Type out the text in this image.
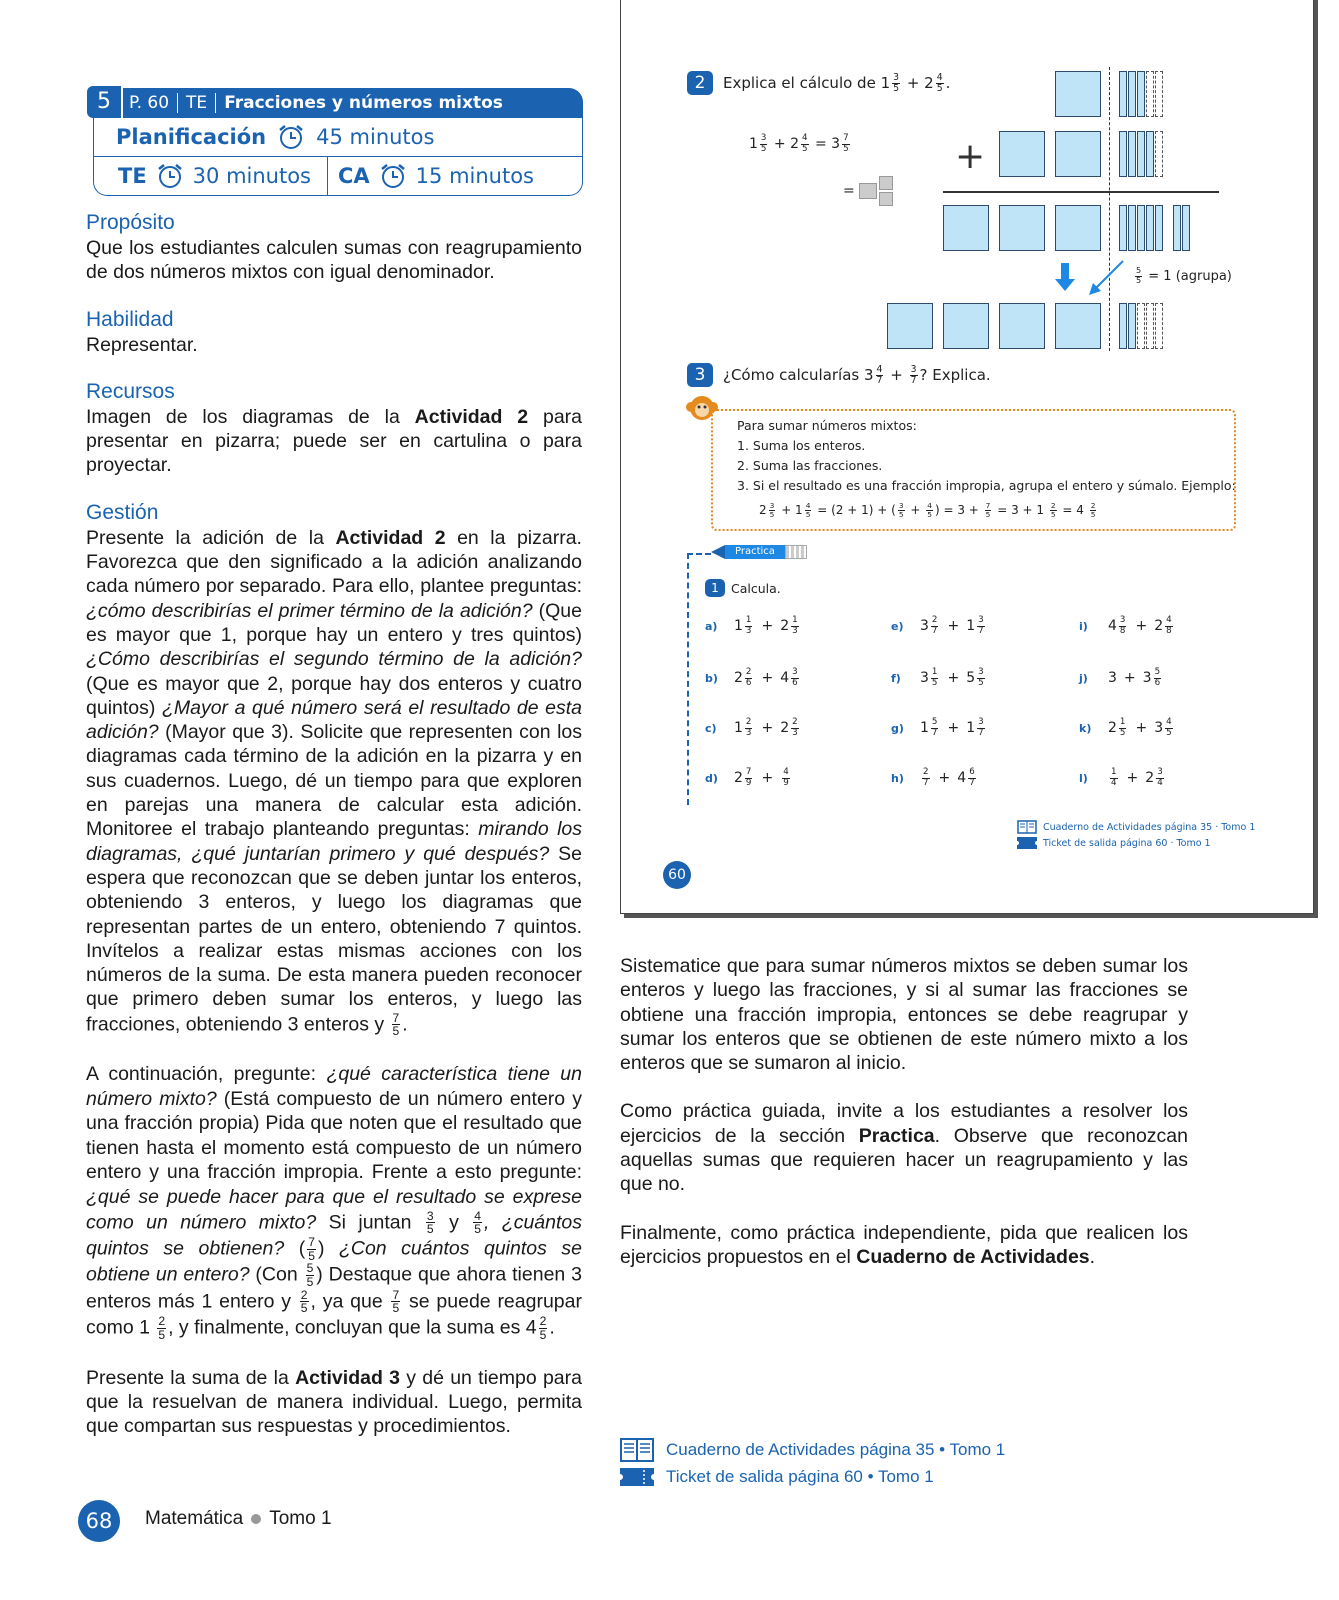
5	P. 60 TE Fracciones y números mixtos
Planificación 45 minutos
TE 30 minutos CA 15 minutos
Propósito

Que los estudiantes calculen sumas con reagrupamiento de dos números mixtos con igual denominador.

Habilidad

Representar.

Recursos

Imagen de los diagramas de la Actividad 2 para presentar en pizarra; puede ser en cartulina o para proyectar.

Gestión

Presente la adición de la Actividad 2 en la pizarra. Favorezca que den significado a la adición analizando cada número por separado. Para ello, plantee preguntas: ¿cómo describirías el primer término de la adición? (Que es mayor que 1, porque hay un entero y tres quintos) ¿Cómo describirías el segundo término de la adición? (Que es mayor que 2, porque hay dos enteros y cuatro quintos) ¿Mayor a qué número será el resultado de esta adición? (Mayor que 3). Solicite que representen con los diagramas cada término de la adición en la pizarra y en sus cuadernos. Luego, dé un tiempo para que exploren en parejas una manera de calcular esta adición. Monitoree el trabajo planteando preguntas: mirando los diagramas, ¿qué juntarían primero y qué después? Se espera que reconozcan que se deben juntar los enteros, obteniendo 3 enteros, y luego los diagramas que representan partes de un entero, obteniendo 7 quintos. Invítelos a realizar estas mismas acciones con los números de la suma. De esta manera pueden reconocer que primero deben sumar los enteros, y luego las fracciones, obteniendo 3 enteros y $\frac{7}{5}$ .

A continuación, pregunte: ¿qué característica tiene un número mixto? (Está compuesto de un número entero y una fracción propia) Pida que noten que el resultado que tienen hasta el momento está compuesto de un número entero y una fracción impropia. Frente a esto pregunte: ¿qué se puede hacer para que el resultado se exprese como un número mixto? Si juntan $\frac{3}{5}$ y $\frac{4}{5}$ , ¿cuántos quintos se obtienen? ( $\frac{7}{5}$ ) ¿Con cuántos quintos se obtiene un entero? ($Con \frac{5}{5}$ ) Destaque que ahora tienen 3 enteros más 1 entero y $\frac{2}{5}$ , ya que $\frac{7}{5}$ se puede reagrupar como $1 \frac{2}{5}$ , y finalmente, concluyan que la suma es $4 \frac{2}{5}$ .

Presente la suma de la Actividad 3 y dé un tiempo para que la resuelvan de manera individual. Luego, permita que compartan sus respuestas y procedimientos.

2	Explica el cálculo de $1 \frac{3}{5} + 2 \frac{4}{5}$ .
$1 \frac{3}{5} + 2 \frac{4}{5} = 3 \frac{7}{5}$
=
+
$\frac{5}{5}$
= 1 (agrupa)
3	¿Cómo calcularías $3 \frac{4}{7} + \frac{3}{7}$ ? Explica.
Para sumar números mixtos:
1. Suma los enteros.
2. Suma las fracciones.
3. Si el resultado es una fracción impropia, agrupa el entero y súmalo. Ejemplo:
$2 \frac{3}{5} + 1 \frac{4}{5} = (2 + 1)$ + ( $\frac{3}{5} + \frac{4}{5}$ ) = $3 + \frac{7}{5} = 3 + 1 \frac{2}{5} = 4 \frac{2}{5}$
Practica
1 Calcula.
a)	$1 \frac{1}{3} + 2 \frac{1}{3}$
b)	$2 \frac{2}{6} + 4 \frac{3}{6}$
c)	$1 \frac{2}{3} + 2 \frac{2}{3}$
d)	$2 \frac{7}{9} + \frac{4}{9}$
e)	$3 \frac{2}{7} + 1 \frac{3}{7}$
f)	$3 \frac{1}{5} + 5 \frac{3}{5}$
g)	$1 \frac{5}{7} + 1 \frac{3}{7}$
h)	$\frac{2}{7} + 4 \frac{6}{7}$
i)	$4 \frac{3}{8} + 2 \frac{4}{8}$
j)	$3 + 3 \frac{5}{6}$
k)	$2 \frac{1}{5} + 3 \frac{4}{5}$
l)	$\frac{1}{4} + 2 \frac{3}{4}$
Cuaderno de Actividades página 35 · Tomo 1
Ticket de salida página 60 · Tomo 1
60

Sistematice que para sumar números mixtos se deben sumar los enteros y luego las fracciones, y si al sumar las fracciones se obtiene una fracción impropia, entonces se debe reagrupar y sumar los enteros que se obtienen de este número mixto a los enteros que se sumaron al inicio.

Como práctica guiada, invite a los estudiantes a resolver los ejercicios de la sección Practica. Observe que reconozcan aquellas sumas que requieren hacer un reagrupamiento y las que no.

Finalmente, como práctica independiente, pida que realicen los ejercicios propuestos en el Cuaderno de Actividades.

Cuaderno de Actividades página 35 • Tomo 1
Ticket de salida página 60 • Tomo 1
68	Matemática Tomo 1
